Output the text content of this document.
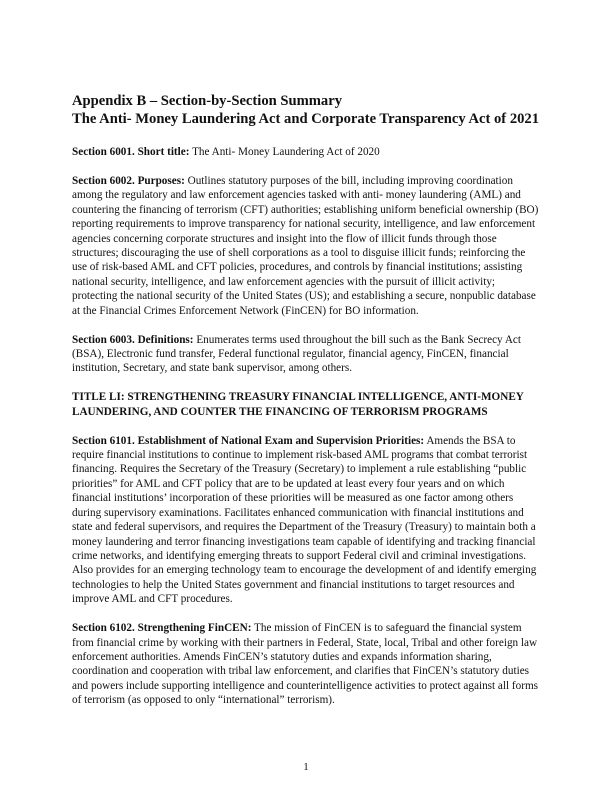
Appendix B – Section-by-Section Summary

The Anti- Money Laundering Act and Corporate Transparency Act of 2021

Section 6001. Short title: The Anti- Money Laundering Act of 2020

Section 6002. Purposes: Outlines statutory purposes of the bill, including improving coordination among the regulatory and law enforcement agencies tasked with anti- money laundering (AML) and countering the financing of terrorism (CFT) authorities; establishing uniform beneficial ownership (BO) reporting requirements to improve transparency for national security, intelligence, and law enforcement agencies concerning corporate structures and insight into the flow of illicit funds through those structures; discouraging the use of shell corporations as a tool to disguise illicit funds; reinforcing the use of risk-based AML and CFT policies, procedures, and controls by financial institutions; assisting national security, intelligence, and law enforcement agencies with the pursuit of illicit activity; protecting the national security of the United States (US); and establishing a secure, nonpublic database at the Financial Crimes Enforcement Network (FinCEN) for BO information.

Section 6003. Definitions: Enumerates terms used throughout the bill such as the Bank Secrecy Act (BSA), Electronic fund transfer, Federal functional regulator, financial agency, FinCEN, financial institution, Secretary, and state bank supervisor, among others.

TITLE LI: STRENGTHENING TREASURY FINANCIAL INTELLIGENCE, ANTI-MONEY LAUNDERING, AND COUNTER THE FINANCING OF TERRORISM PROGRAMS

Section 6101. Establishment of National Exam and Supervision Priorities: Amends the BSA to require financial institutions to continue to implement risk-based AML programs that combat terrorist financing. Requires the Secretary of the Treasury (Secretary) to implement a rule establishing “public priorities” for AML and CFT policy that are to be updated at least every four years and on which financial institutions’ incorporation of these priorities will be measured as one factor among others during supervisory examinations. Facilitates enhanced communication with financial institutions and state and federal supervisors, and requires the Department of the Treasury (Treasury) to maintain both a money laundering and terror financing investigations team capable of identifying and tracking financial crime networks, and identifying emerging threats to support Federal civil and criminal investigations. Also provides for an emerging technology team to encourage the development of and identify emerging technologies to help the United States government and financial institutions to target resources and improve AML and CFT procedures.

Section 6102. Strengthening FinCEN: The mission of FinCEN is to safeguard the financial system from financial crime by working with their partners in Federal, State, local, Tribal and other foreign law enforcement authorities. Amends FinCEN’s statutory duties and expands information sharing, coordination and cooperation with tribal law enforcement, and clarifies that FinCEN’s statutory duties and powers include supporting intelligence and counterintelligence activities to protect against all forms of terrorism (as opposed to only “international” terrorism).

1
